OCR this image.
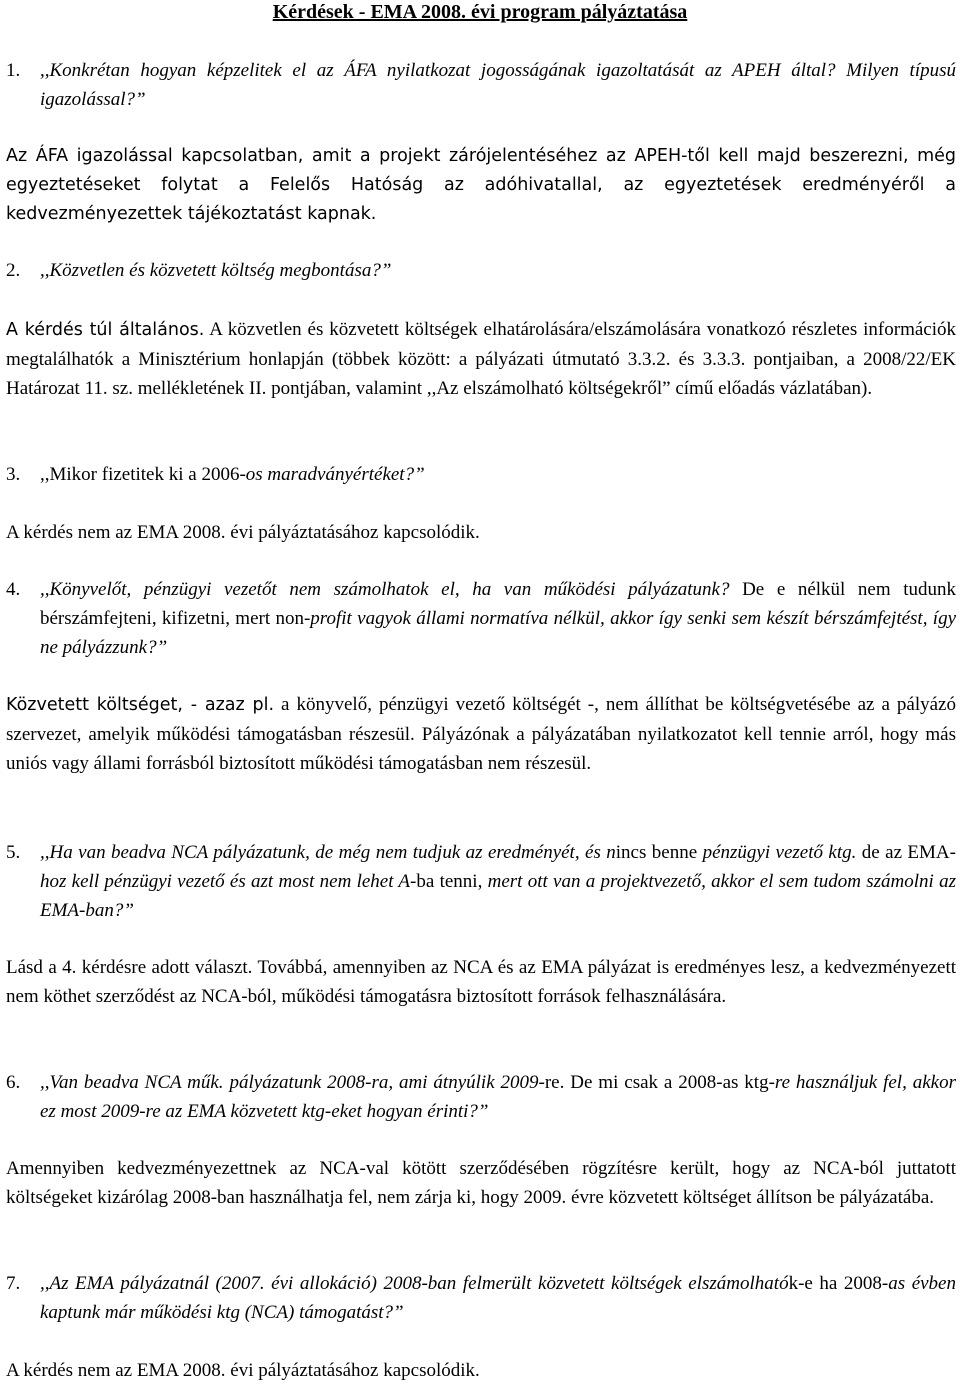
Kérdések - EMA 2008. évi program pályáztatása
1.	,,Konkrétan hogyan képzelitek el az ÁFA nyilatkozat jogosságának igazoltatását az APEH által? Milyen típusú igazolással?”

Az ÁFA igazolással kapcsolatban, amit a projekt zárójelentéséhez az APEH-től kell majd beszerezni, még egyeztetéseket folytat a Felelős Hatóság az adóhivatallal, az egyeztetések eredményéről a kedvezményezettek tájékoztatást kapnak.

2.	,,Közvetlen és közvetett költség megbontása?”

A kérdés túl általános. A közvetlen és közvetett költségek elhatárolására/elszámolására vonatkozó részletes információk megtalálhatók a Minisztérium honlapján (többek között: a pályázati útmutató 3.3.2. és 3.3.3. pontjaiban, a 2008/22/EK Határozat 11. sz. mellékletének II. pontjában, valamint ,,Az elszámolható költségekről” című előadás vázlatában).

3.	,,Mikor fizetitek ki a 2006-os maradványértéket?”

A kérdés nem az EMA 2008. évi pályáztatásához kapcsolódik.

4.	,,Könyvelőt, pénzügyi vezetőt nem számolhatok el, ha van működési pályázatunk? De e nélkül nem tudunk bérszámfejteni, kifizetni, mert non-profit vagyok állami normatíva nélkül, akkor így senki sem készít bérszámfejtést, így ne pályázzunk?”

Közvetett költséget, - azaz pl. a könyvelő, pénzügyi vezető költségét -, nem állíthat be költségvetésébe az a pályázó szervezet, amelyik működési támogatásban részesül. Pályázónak a pályázatában nyilatkozatot kell tennie arról, hogy más uniós vagy állami forrásból biztosított működési támogatásban nem részesül.

5.	,,Ha van beadva NCA pályázatunk, de még nem tudjuk az eredményét, és nincs benne pénzügyi vezető ktg. de az EMA-hoz kell pénzügyi vezető és azt most nem lehet A-ba tenni, mert ott van a projektvezető, akkor el sem tudom számolni az EMA-ban?”

Lásd a 4. kérdésre adott választ. Továbbá, amennyiben az NCA és az EMA pályázat is eredményes lesz, a kedvezményezett nem köthet szerződést az NCA-ból, működési támogatásra biztosított források felhasználására.

6.	,,Van beadva NCA műk. pályázatunk 2008-ra, ami átnyúlik 2009-re. De mi csak a 2008-as ktg-re használjuk fel, akkor ez most 2009-re az EMA közvetett ktg-eket hogyan érinti?”

Amennyiben kedvezményezettnek az NCA-val kötött szerződésében rögzítésre került, hogy az NCA-ból juttatott költségeket kizárólag 2008-ban használhatja fel, nem zárja ki, hogy 2009. évre közvetett költséget állítson be pályázatába.

7.	,,Az EMA pályázatnál (2007. évi allokáció) 2008-ban felmerült közvetett költségek elszámolhatók-e ha 2008-as évben kaptunk már működési ktg (NCA) támogatást?”

A kérdés nem az EMA 2008. évi pályáztatásához kapcsolódik.
